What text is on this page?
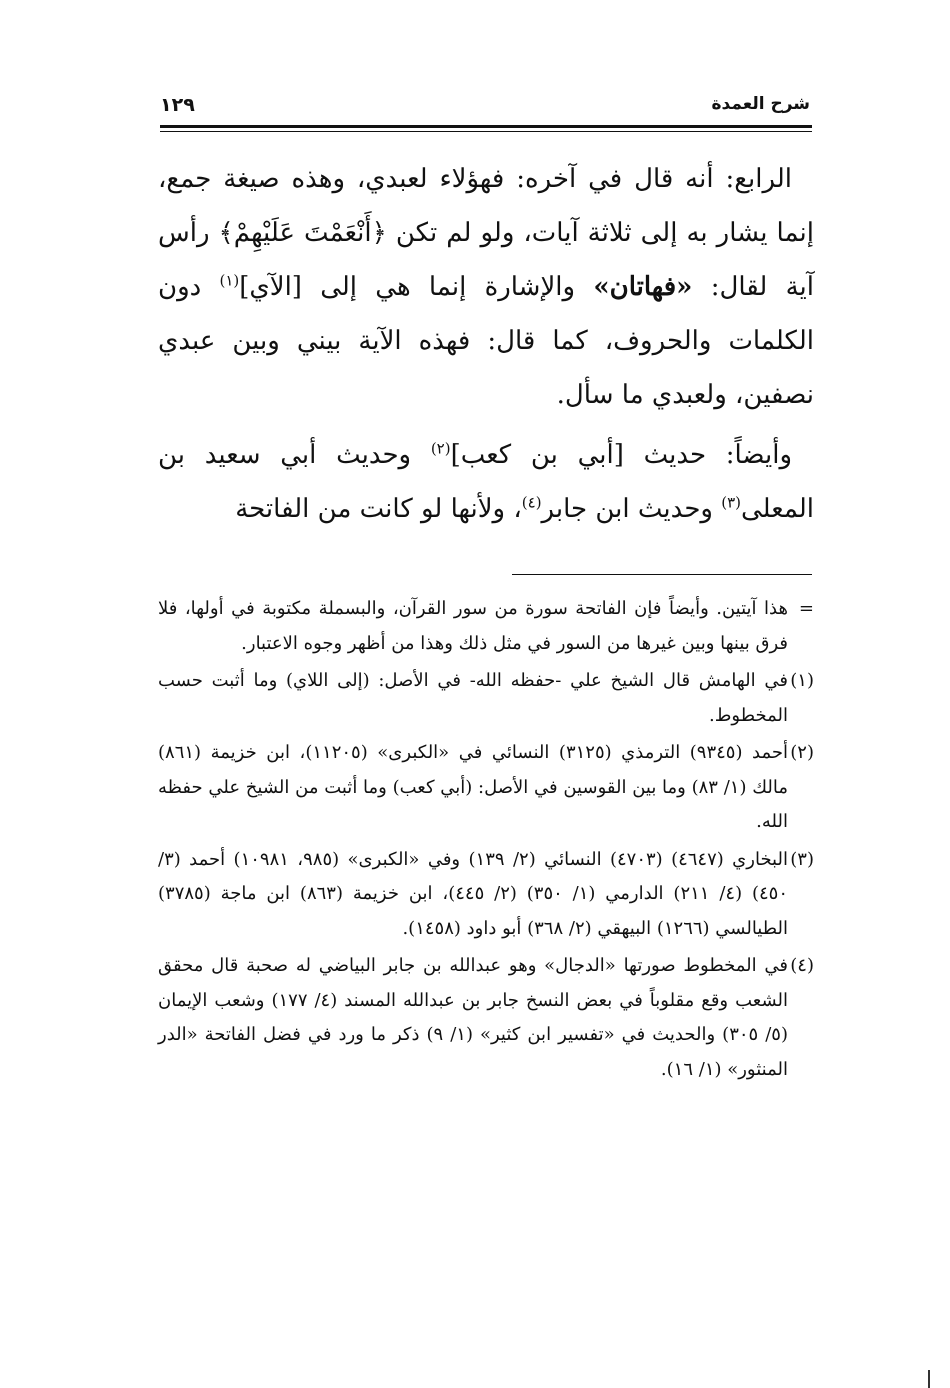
شرح العمدة
١٢٩

الرابع: أنه قال في آخره: فهؤلاء لعبدي، وهذه صيغة جمع، إنما يشار به إلى ثلاثة آيات، ولو لم تكن ﴿أَنْعَمْتَ عَلَيْهِمْ﴾ رأس آية لقال: «فهاتان» والإشارة إنما هي إلى [الآي]$^{(١)}$ دون الكلمات والحروف، كما قال: فهذه الآية بيني وبين عبدي نصفين، ولعبدي ما سأل.

وأيضاً: حديث [أبي بن كعب]$^{(٢)}$ وحديث أبي سعيد بن المعلى$^{(٣)}$ وحديث ابن جابر$^{(٤)}$، ولأنها لو كانت من الفاتحة

=
هذا آيتين. وأيضاً فإن الفاتحة سورة من سور القرآن، والبسملة مكتوبة في أولها، فلا فرق بينها وبين غيرها من السور في مثل ذلك وهذا من أظهر وجوه الاعتبار.

(١)
في الهامش قال الشيخ علي -حفظه الله- في الأصل: (إلى اللاي) وما أثبت حسب المخطوط.

(٢)
أحمد (٩٣٤٥) الترمذي (٣١٢٥) النسائي في «الكبرى» (١١٢٠٥)، ابن خزيمة (٨٦١) مالك (١/ ٨٣) وما بين القوسين في الأصل: (أبي كعب) وما أثبت من الشيخ علي حفظه الله.

(٣)
البخاري (٤٦٤٧) (٤٧٠٣) النسائي (٢/ ١٣٩) وفي «الكبرى» (٩٨٥، ١٠٩٨١) أحمد (٣/ ٤٥٠) (٤/ ٢١١) الدارمي (١/ ٣٥٠) (٢/ ٤٤٥)، ابن خزيمة (٨٦٣) ابن ماجة (٣٧٨٥) الطيالسي (١٢٦٦) البيهقي (٢/ ٣٦٨) أبو داود (١٤٥٨).

(٤)
في المخطوط صورتها «الدجال» وهو عبدالله بن جابر البياضي له صحبة قال محقق الشعب وقع مقلوباً في بعض النسخ جابر بن عبدالله المسند (٤/ ١٧٧) وشعب الإيمان (٥/ ٣٠٥) والحديث في «تفسير ابن كثير» (١/ ٩) ذكر ما ورد في فضل الفاتحة «الدر المنثور» (١/ ١٦).
